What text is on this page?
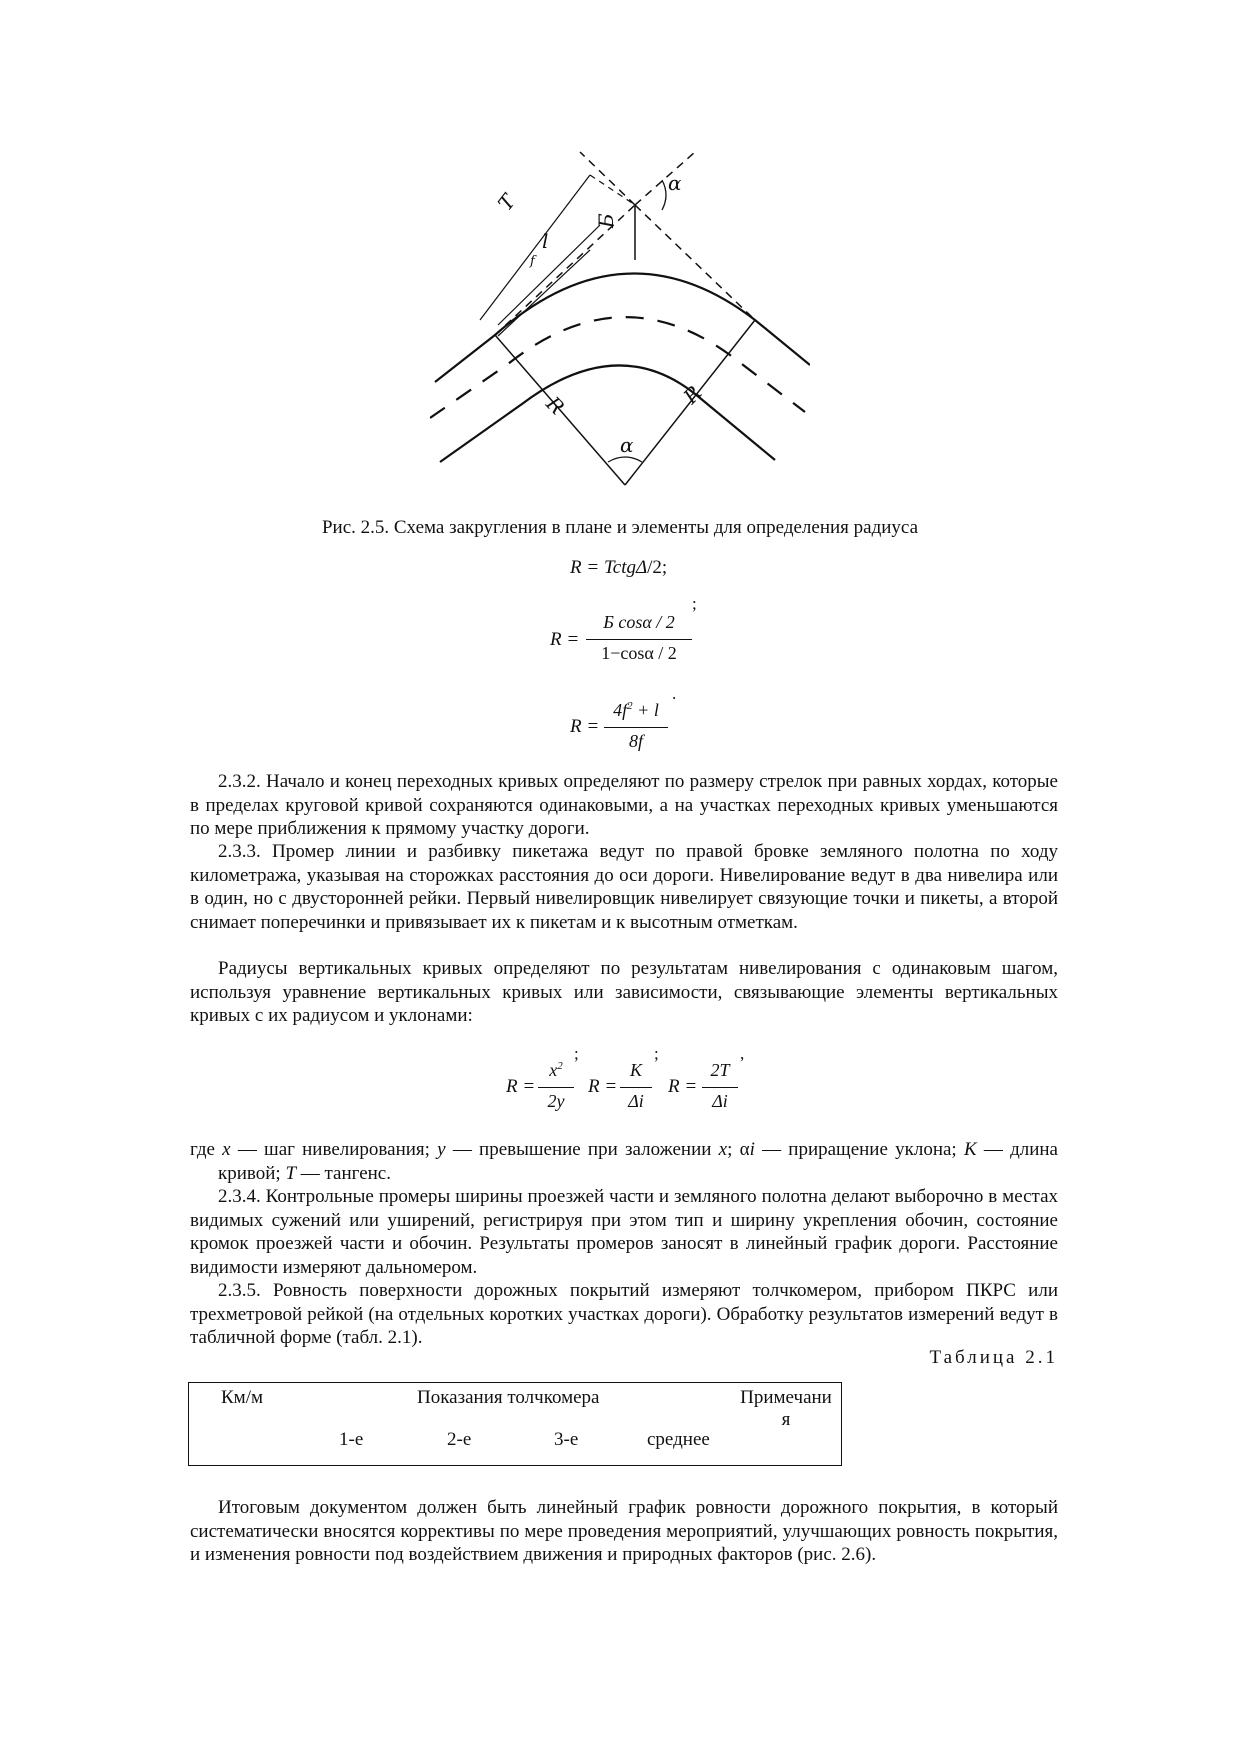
T
l
Б
f
α
α
R	R
Рис. 2.5. Схема закругления в плане и элементы для определения радиуса
R = TctgΔ/2;
R =
Б cosα / 2
1−cosα / 2
;
R =
$4f^2 + l$
8f
.
2.3.2. Начало и конец переходных кривых определяют по размеру стрелок при равных хордах, которые в пределах круговой кривой сохраняются одинаковыми, а на участках переходных кривых уменьшаются по мере приближения к прямому участку дороги.
2.3.3. Промер линии и разбивку пикетажа ведут по правой бровке земляного полотна по ходу километража, указывая на сторожках расстояния до оси дороги. Нивелирование ведут в два нивелира или в один, но с двусторонней рейки. Первый нивелировщик нивелирует связующие точки и пикеты, а второй снимает поперечинки и привязывает их к пикетам и к высотным отметкам.
Радиусы вертикальных кривых определяют по результатам нивелирования с одинаковым шагом, используя уравнение вертикальных кривых или зависимости, связывающие элементы вертикальных кривых с их радиусом и уклонами:
R =
$x^2$
2y
;
R =
K
Δi
;
R =
2T
Δi
,
где x — шаг нивелирования; y — превышение при заложении x; αi — приращение уклона; K — длина кривой; T — тангенс.
2.3.4. Контрольные промеры ширины проезжей части и земляного полотна делают выборочно в местах видимых сужений или уширений, регистрируя при этом тип и ширину укрепления обочин, состояние кромок проезжей части и обочин. Результаты промеров заносят в линейный график дороги. Расстояние видимости измеряют дальномером.
2.3.5. Ровность поверхности дорожных покрытий измеряют толчкомером, прибором ПКРС или трехметровой рейкой (на отдельных коротких участках дороги). Обработку результатов измерений ведут в табличной форме (табл. 2.1).
Таблица 2.1
Км/м	Показания толчкомера	Примечани
я
1-е	2-е	3-е	среднее
Итоговым документом должен быть линейный график ровности дорожного покрытия, в который систематически вносятся коррективы по мере проведения мероприятий, улучшающих ровность покрытия, и изменения ровности под воздействием движения и природных факторов (рис. 2.6).
